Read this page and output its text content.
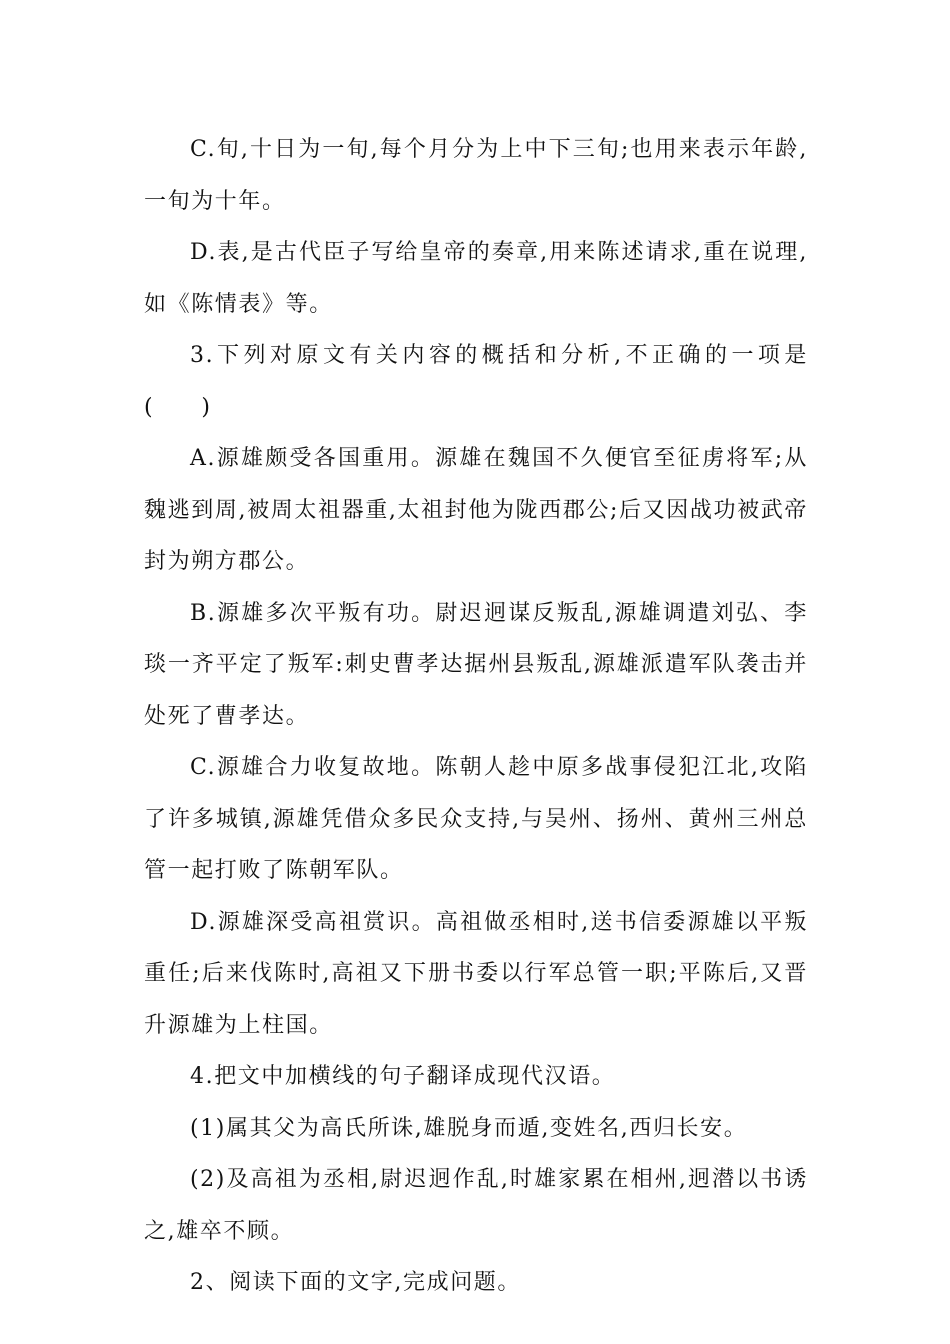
C.旬,十日为一旬,每个月分为上中下三旬;也用来表示年龄,一旬为十年。

D.表,是古代臣子写给皇帝的奏章,用来陈述请求,重在说理,如《陈情表》等。

3.下列对原文有关内容的概括和分析,不正确的一项是(　　)

A.源雄颇受各国重用。源雄在魏国不久便官至征虏将军;从魏逃到周,被周太祖器重,太祖封他为陇西郡公;后又因战功被武帝封为朔方郡公。

B.源雄多次平叛有功。尉迟迥谋反叛乱,源雄调遣刘弘、李琰一齐平定了叛军:刺史曹孝达据州县叛乱,源雄派遣军队袭击并处死了曹孝达。

C.源雄合力收复故地。陈朝人趁中原多战事侵犯江北,攻陷了许多城镇,源雄凭借众多民众支持,与吴州、扬州、黄州三州总管一起打败了陈朝军队。

D.源雄深受高祖赏识。高祖做丞相时,送书信委源雄以平叛重任;后来伐陈时,高祖又下册书委以行军总管一职;平陈后,又晋升源雄为上柱国。

4.把文中加横线的句子翻译成现代汉语。

(1)属其父为高氏所诛,雄脱身而遁,变姓名,西归长安。

(2)及高祖为丞相,尉迟迥作乱,时雄家累在相州,迥潜以书诱之,雄卒不顾。

2、阅读下面的文字,完成问题。
